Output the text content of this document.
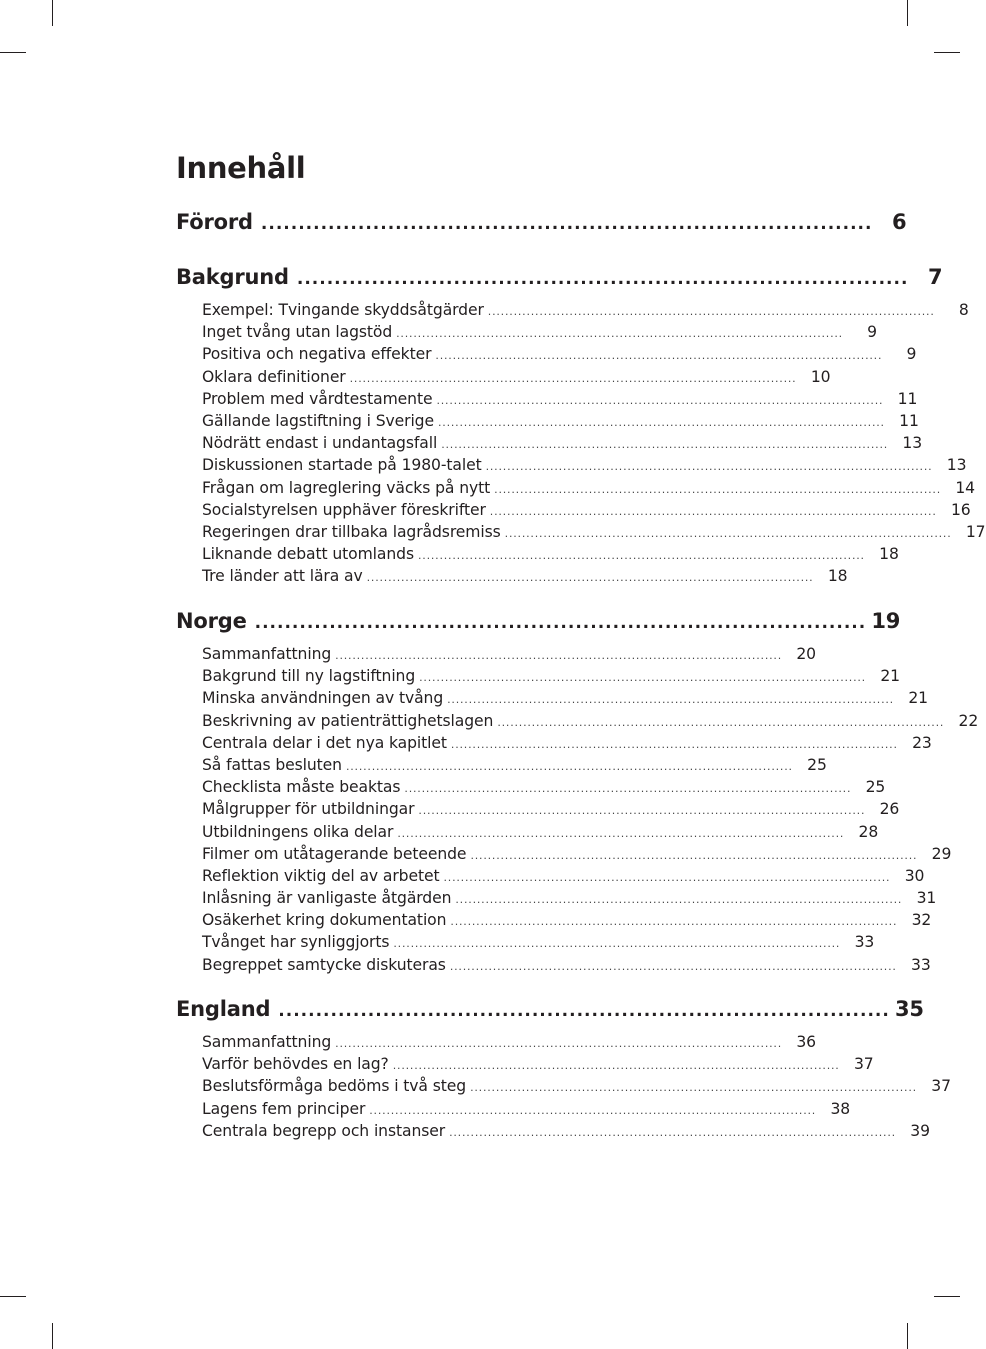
Innehåll
Förord .................................................................................. 6
Bakgrund .................................................................................. 7
Exempel: Tvingande skyddsåtgärder ........................................................................................................	8
Inget tvång utan lagstöd ........................................................................................................	9
Positiva och negativa effekter ........................................................................................................	9
Oklara definitioner ........................................................................................................ 10
Problem med vårdtestamente ........................................................................................................ 11
Gällande lagstiftning i Sverige ........................................................................................................ 11
Nödrätt endast i undantagsfall ........................................................................................................ 13
Diskussionen startade på 1980-talet ........................................................................................................ 13
Frågan om lagreglering väcks på nytt ........................................................................................................ 14
Socialstyrelsen upphäver föreskrifter ........................................................................................................ 16
Regeringen drar tillbaka lagrådsremiss ........................................................................................................ 17
Liknande debatt utomlands ........................................................................................................ 18
Tre länder att lära av ........................................................................................................ 18
Norge .................................................................................. 19
Sammanfattning ........................................................................................................ 20
Bakgrund till ny lagstiftning ........................................................................................................ 21
Minska användningen av tvång ........................................................................................................ 21
Beskrivning av patienträttighetslagen ........................................................................................................ 22
Centrala delar i det nya kapitlet ........................................................................................................ 23
Så fattas besluten ........................................................................................................ 25
Checklista måste beaktas ........................................................................................................ 25
Målgrupper för utbildningar ........................................................................................................ 26
Utbildningens olika delar ........................................................................................................ 28
Filmer om utåtagerande beteende ........................................................................................................ 29
Reflektion viktig del av arbetet ........................................................................................................ 30
Inlåsning är vanligaste åtgärden ........................................................................................................ 31
Osäkerhet kring dokumentation ........................................................................................................ 32
Tvånget har synliggjorts ........................................................................................................ 33
Begreppet samtycke diskuteras ........................................................................................................ 33
England .................................................................................. 35
Sammanfattning ........................................................................................................ 36
Varför behövdes en lag? ........................................................................................................ 37
Beslutsförmåga bedöms i två steg ........................................................................................................ 37
Lagens fem principer ........................................................................................................ 38
Centrala begrepp och instanser ........................................................................................................ 39
